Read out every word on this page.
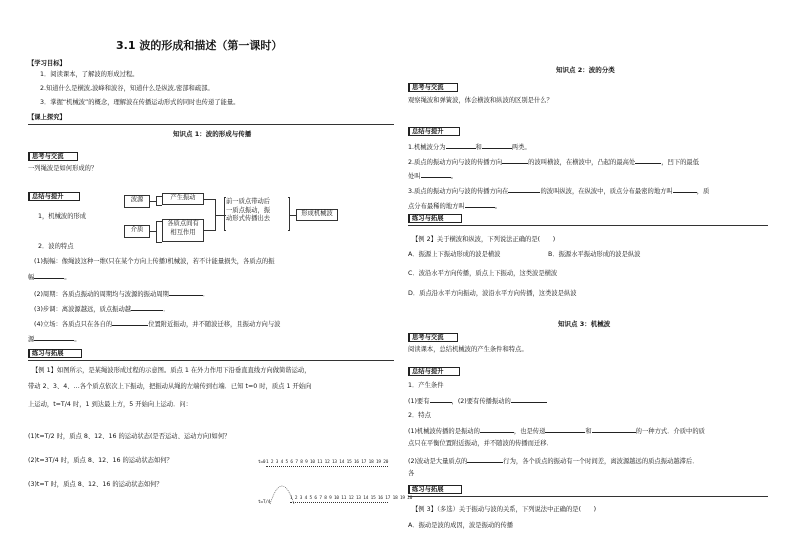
3.1 波的形成和描述（第一课时）
【学习目标】
1．阅读课本，了解波的形成过程。
2.知道什么是横波,波峰和波谷，知道什么是纵波,密部和疏部。
3．掌握“机械波”的概念，理解波在传播运动形式的同时也传递了能量。
【课上探究】
知识点 1：波的形成与传播
思考与交流
一列绳波是如何形成的？
总结与提升	波源
介质
产生振动
各质点间有
相互作用
前一质点带动后
一质点振动，振
动形式传播出去
形成机械波
1，机械波的形成
2．波的特点
(1)振幅：像绳波这种一维(只在某个方向上传播)机械波，若不计能量损失，各质点的振
幅	。
(2)周期：各质点振动的周期均与波源的振动周期	．
(3)步调：离波源越远，质点振动越	．
(4)立场：各质点只在各自的	位置附近振动，并不随波迁移，且振动方向与波
源	。
练习与拓展
【例 1】如图所示，是某绳波形成过程的示意图。质点 1 在外力作用下沿垂直直线方向做简谐运动，
带动 2、3、4、…各个质点依次上下振动，把振动从绳的左端传到右端．已知 t=0 时，质点 1 开始向
上运动，t=T/4 时，1 到达最上方，5 开始向上运动．问：
(1)t=T/2 时，质点 8、12、16 的运动状态(是否运动、运动方向)如何？
(2)t=3T/4 时，质点 8、12、16 的运动状态如何？
(3)t=T 时，质点 8、12、16 的运动状态如何？
t=0 1 2 3 4 5 6 7 8 9 10 11 12 13 14 15 16 17 18 19 20
t=T/4
1 2 3 4 5 6 7 8 9 10 11 12 13 14 15 16 17 18 19 20
知识点 2：波的分类
思考与交流
观察绳波和弹簧波，体会横波和纵波的区别是什么？
总结与提升
1.机械波分为	和	两类。
2.质点的振动方向与波的传播方向	的波叫横波，在横波中，凸起的最高处	，凹下的最低
处叫	。
3.质点的振动方向与波的传播方向在	的波叫纵波，在纵波中，质点分布最密的地方叫	，质
点分布最稀的地方叫	。
练习与拓展
【例 2】关于横波和纵波，下列说法正确的是(　　)
A．振源上下振动形成的波是横波	B．振源水平振动形成的波是纵波
C．波沿水平方向传播，质点上下振动，这类波是横波
D．质点沿水平方向振动，波沿水平方向传播，这类波是纵波
知识点 3：机械波
思考与交流
阅读课本，总结机械波的产生条件和特点。
总结与提升
1．产生条件
(1)要有	，(2)要有传播振动的
2．特点
(1)机械波传播的是振动的	，也是传递	和	的一种方式．介质中的质
点只在平衡位置附近振动，并不随波的传播而迁移．
(2)波动是大量质点的	行为，各个质点的振动有一个时间差，离波源越远的质点振动越滞后．
各
练习与拓展
【例 3】（多选）关于振动与波的关系，下列说法中正确的是(　　)
A．振动是波的成因，波是振动的传播
